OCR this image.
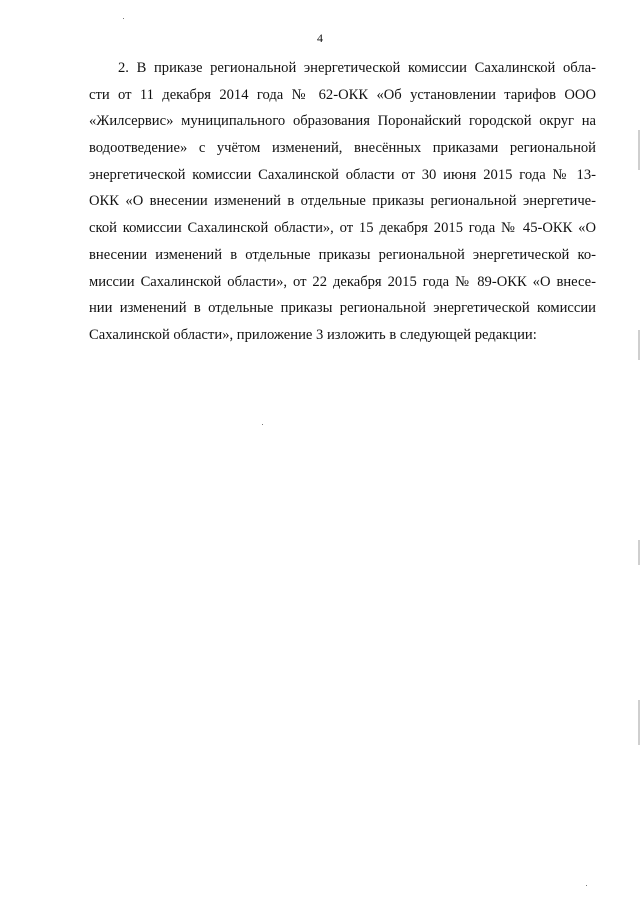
4
2. В приказе региональной энергетической комиссии Сахалинской обла-
сти от 11 декабря 2014 года № 62-ОКК «Об установлении тарифов ООО
«Жилсервис» муниципального образования Поронайский городской округ на
водоотведение» с учётом изменений, внесённых приказами региональной
энергетической комиссии Сахалинской области от 30 июня 2015 года № 13-
ОКК «О внесении изменений в отдельные приказы региональной энергетиче-
ской комиссии Сахалинской области», от 15 декабря 2015 года № 45-ОКК «О
внесении изменений в отдельные приказы региональной энергетической ко-
миссии Сахалинской области», от 22 декабря 2015 года № 89-ОКК «О внесе-
нии изменений в отдельные приказы региональной энергетической комиссии
Сахалинской области», приложение 3 изложить в следующей редакции:
